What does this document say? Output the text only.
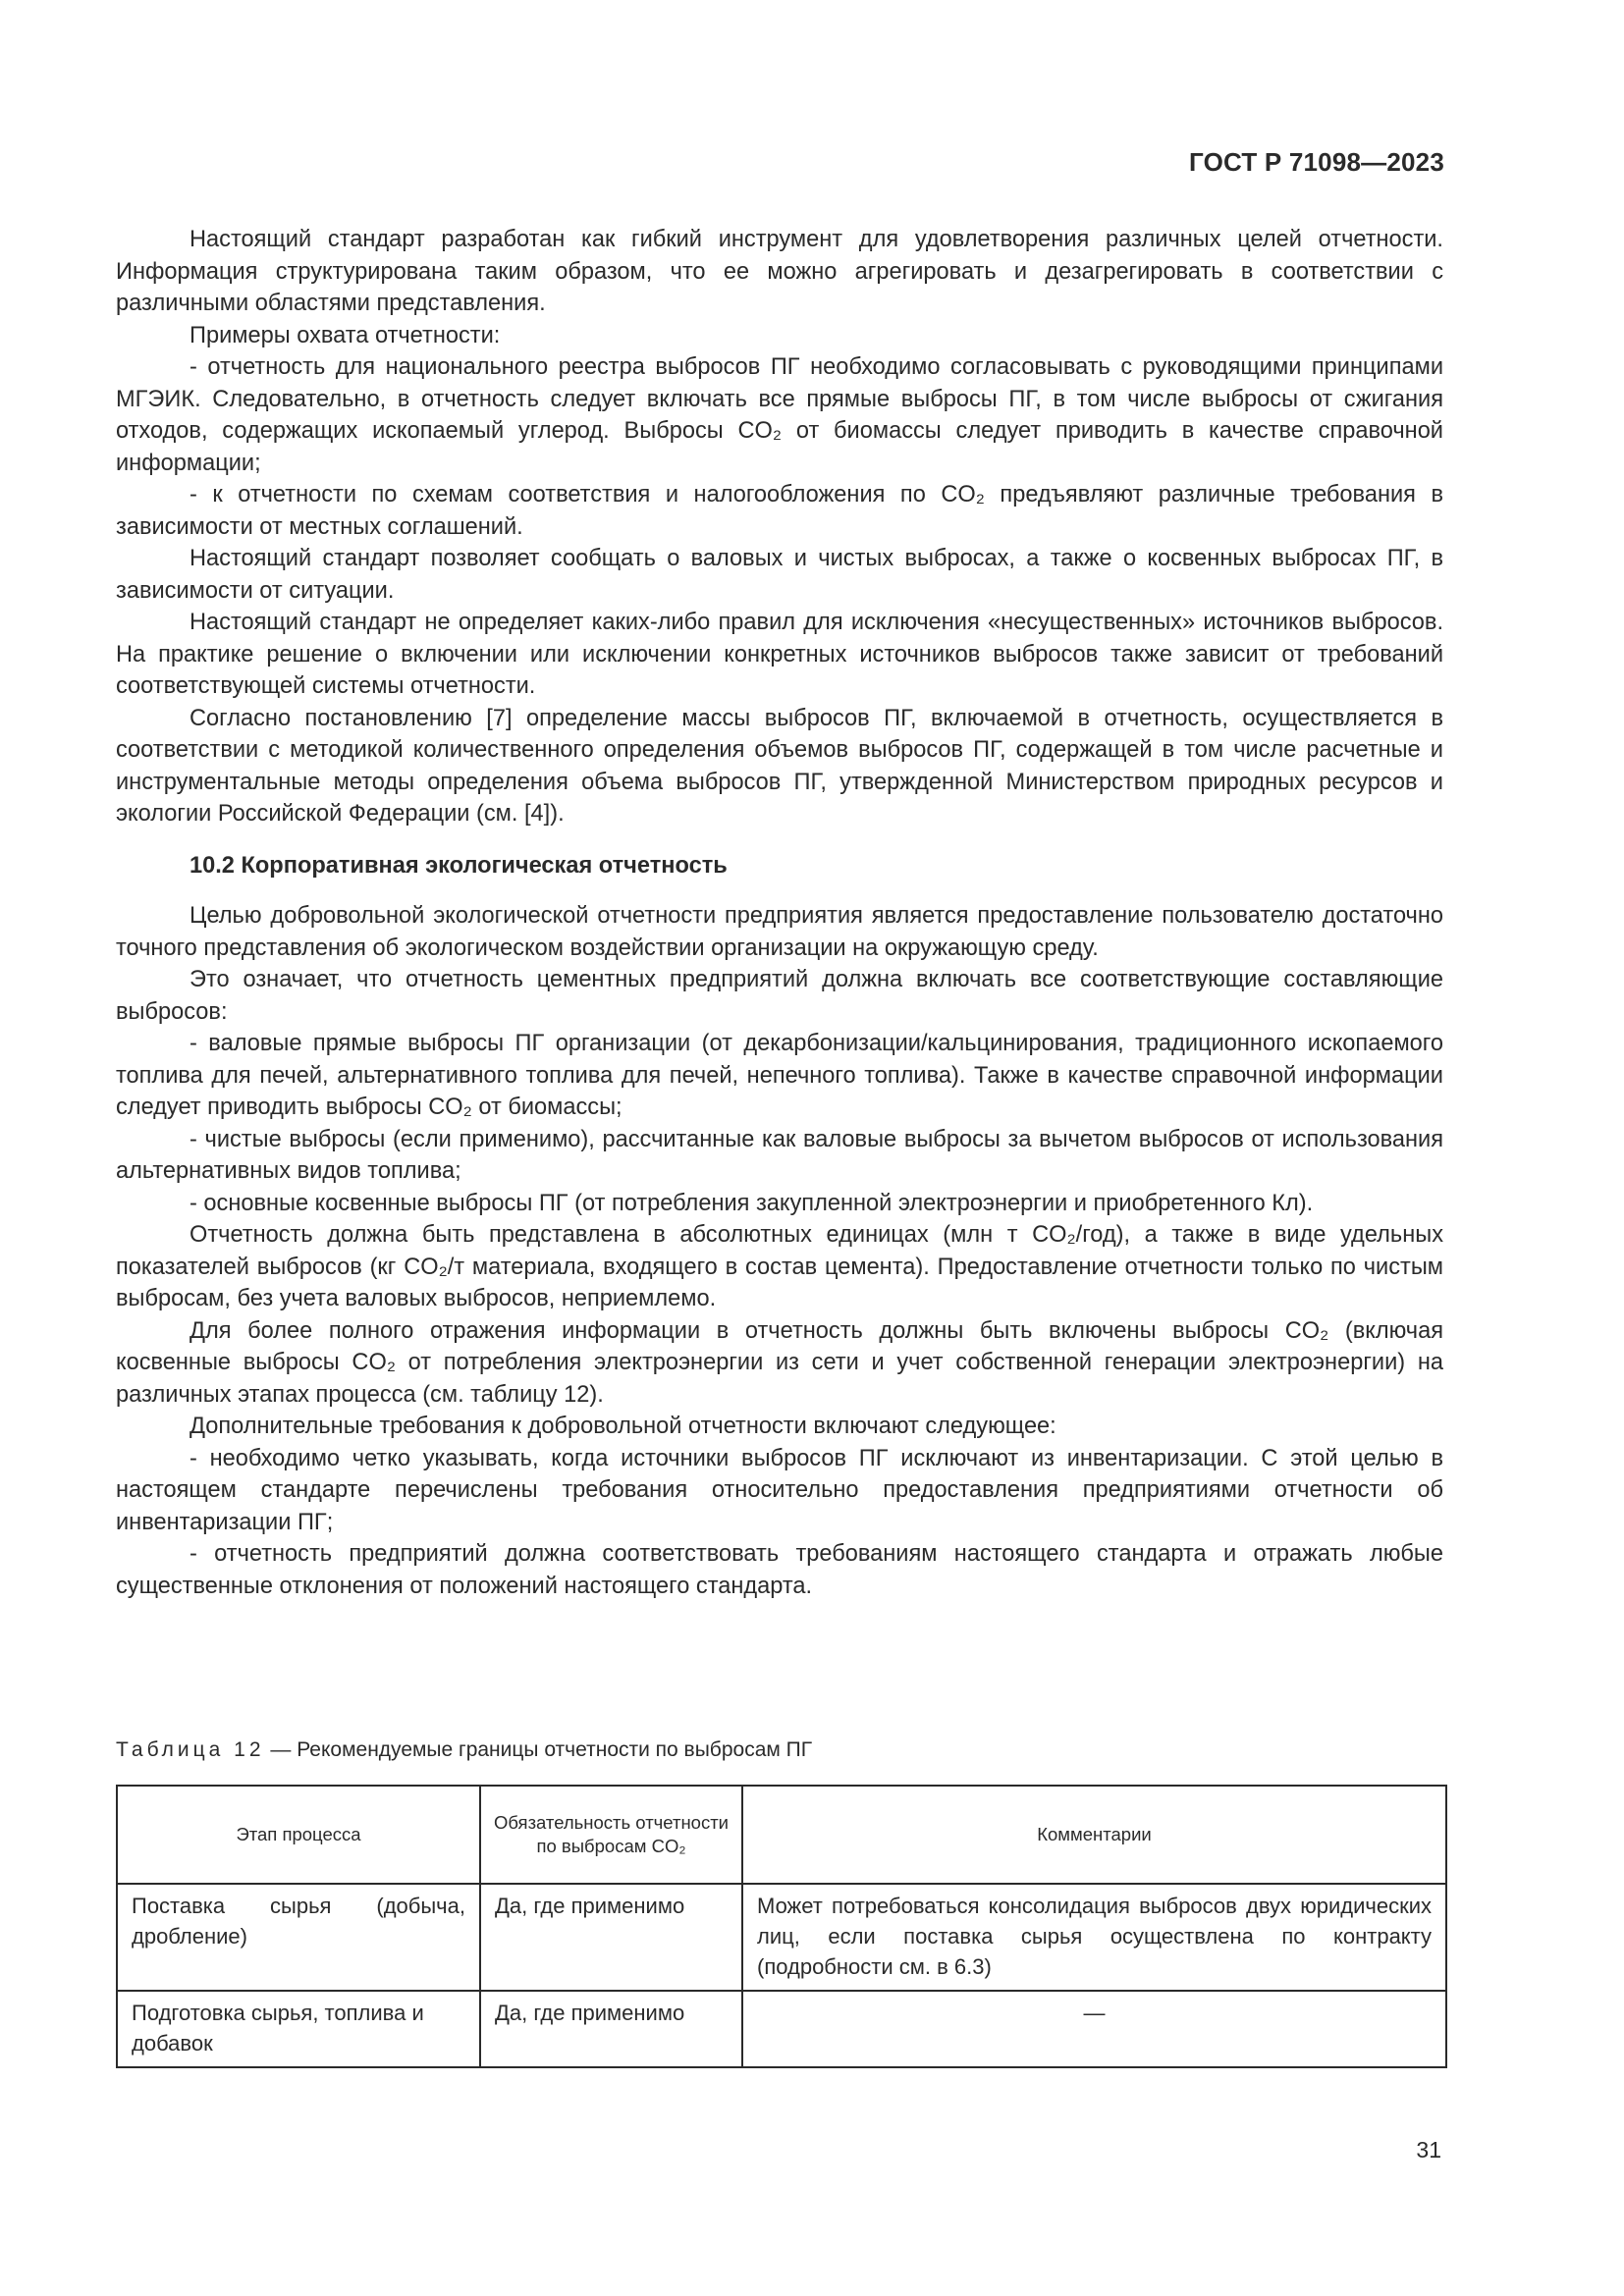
ГОСТ Р 71098—2023

Настоящий стандарт разработан как гибкий инструмент для удовлетворения различных целей отчетности. Информация структурирована таким образом, что ее можно агрегировать и дезагрегировать в соответствии с различными областями представления.

Примеры охвата отчетности:

- отчетность для национального реестра выбросов ПГ необходимо согласовывать с руководящими принципами МГЭИК. Следовательно, в отчетность следует включать все прямые выбросы ПГ, в том числе выбросы от сжигания отходов, содержащих ископаемый углерод. Выбросы CO₂ от биомассы следует приводить в качестве справочной информации;

- к отчетности по схемам соответствия и налогообложения по CO₂ предъявляют различные требования в зависимости от местных соглашений.

Настоящий стандарт позволяет сообщать о валовых и чистых выбросах, а также о косвенных выбросах ПГ, в зависимости от ситуации.

Настоящий стандарт не определяет каких-либо правил для исключения «несущественных» источников выбросов. На практике решение о включении или исключении конкретных источников выбросов также зависит от требований соответствующей системы отчетности.

Согласно постановлению [7] определение массы выбросов ПГ, включаемой в отчетность, осуществляется в соответствии с методикой количественного определения объемов выбросов ПГ, содержащей в том числе расчетные и инструментальные методы определения объема выбросов ПГ, утвержденной Министерством природных ресурсов и экологии Российской Федерации (см. [4]).

10.2 Корпоративная экологическая отчетность

Целью добровольной экологической отчетности предприятия является предоставление пользователю достаточно точного представления об экологическом воздействии организации на окружающую среду.

Это означает, что отчетность цементных предприятий должна включать все соответствующие составляющие выбросов:

- валовые прямые выбросы ПГ организации (от декарбонизации/кальцинирования, традиционного ископаемого топлива для печей, альтернативного топлива для печей, непечного топлива). Также в качестве справочной информации следует приводить выбросы CO₂ от биомассы;

- чистые выбросы (если применимо), рассчитанные как валовые выбросы за вычетом выбросов от использования альтернативных видов топлива;

- основные косвенные выбросы ПГ (от потребления закупленной электроэнергии и приобретенного Кл).

Отчетность должна быть представлена в абсолютных единицах (млн т CO₂/год), а также в виде удельных показателей выбросов (кг CO₂/т материала, входящего в состав цемента). Предоставление отчетности только по чистым выбросам, без учета валовых выбросов, неприемлемо.

Для более полного отражения информации в отчетность должны быть включены выбросы CO₂ (включая косвенные выбросы CO₂ от потребления электроэнергии из сети и учет собственной генерации электроэнергии) на различных этапах процесса (см. таблицу 12).

Дополнительные требования к добровольной отчетности включают следующее:

- необходимо четко указывать, когда источники выбросов ПГ исключают из инвентаризации. С этой целью в настоящем стандарте перечислены требования относительно предоставления предприятиями отчетности об инвентаризации ПГ;

- отчетность предприятий должна соответствовать требованиям настоящего стандарта и отражать любые существенные отклонения от положений настоящего стандарта.

Таблица 12 — Рекомендуемые границы отчетности по выбросам ПГ
Этап процесса	Обязательность отчетности по выбросам CO₂	Комментарии
Поставка сырья (добыча, дробление)	Да, где применимо	Может потребоваться консолидация выбросов двух юридических лиц, если поставка сырья осуществлена по контракту (подробности см. в 6.3)
Подготовка сырья, топлива и добавок	Да, где применимо	—
31
